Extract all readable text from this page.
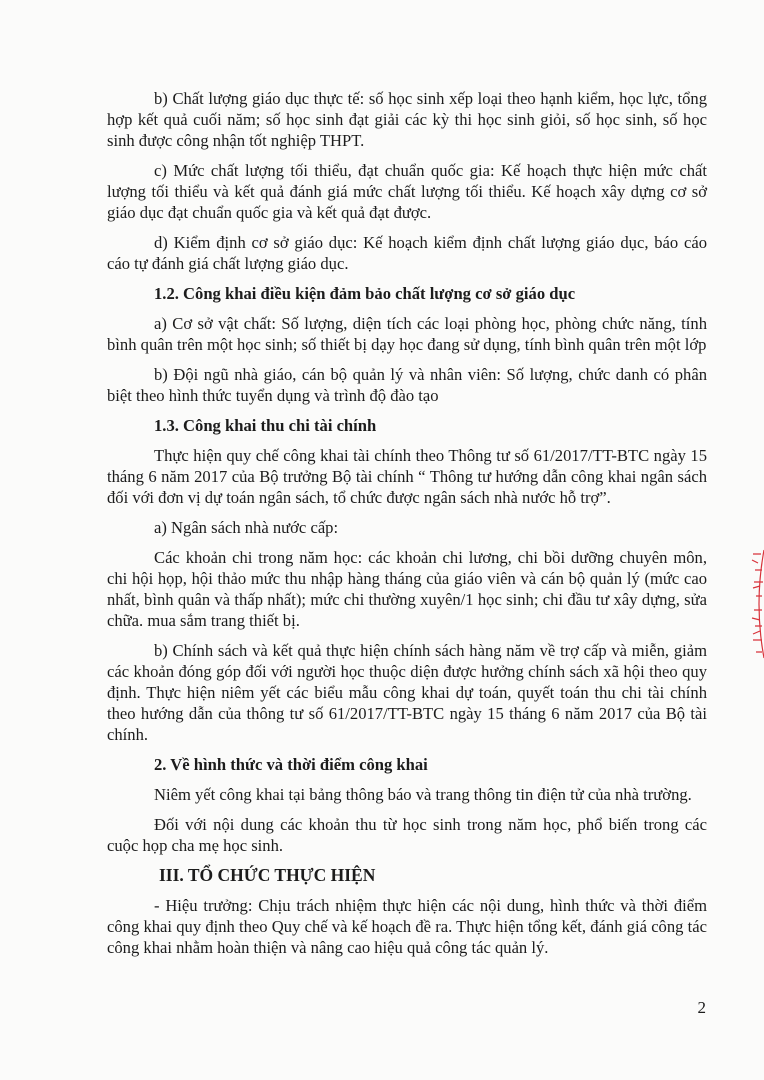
b) Chất lượng giáo dục thực tế: số học sinh xếp loại theo hạnh kiểm, học lực, tổng hợp kết quả cuối năm; số học sinh đạt giải các kỳ thi học sinh giỏi, số học sinh, số học sinh được công nhận tốt nghiệp THPT.

c) Mức chất lượng tối thiểu, đạt chuẩn quốc gia: Kế hoạch thực hiện mức chất lượng tối thiểu và kết quả đánh giá mức chất lượng tối thiểu. Kế hoạch xây dựng cơ sở giáo dục đạt chuẩn quốc gia và kết quả đạt được.

d) Kiểm định cơ sở giáo dục: Kế hoạch kiểm định chất lượng giáo dục, báo cáo cáo tự đánh giá chất lượng giáo dục.

1.2. Công khai điều kiện đảm bảo chất lượng cơ sở giáo dục

a) Cơ sở vật chất: Số lượng, diện tích các loại phòng học, phòng chức năng, tính bình quân trên một học sinh; số thiết bị dạy học đang sử dụng, tính bình quân trên một lớp

b) Đội ngũ nhà giáo, cán bộ quản lý và nhân viên: Số lượng, chức danh có phân biệt theo hình thức tuyển dụng và trình độ đào tạo

1.3. Công khai thu chi tài chính

Thực hiện quy chế công khai tài chính theo Thông tư số 61/2017/TT-BTC ngày 15 tháng 6 năm 2017 của Bộ trưởng Bộ tài chính “ Thông tư hướng dẫn công khai ngân sách đối với đơn vị dự toán ngân sách, tổ chức được ngân sách nhà nước hỗ trợ”.

a) Ngân sách nhà nước cấp:

Các khoản chi trong năm học: các khoản chi lương, chi bồi dưỡng chuyên môn, chi hội họp, hội thảo mức thu nhập hàng tháng của giáo viên và cán bộ quản lý (mức cao nhất, bình quân và thấp nhất); mức chi thường xuyên/1 học sinh; chi đầu tư xây dựng, sửa chữa. mua sắm trang thiết bị.

b) Chính sách và kết quả thực hiện chính sách hàng năm về trợ cấp và miễn, giảm các khoản đóng góp đối với người học thuộc diện được hưởng chính sách xã hội theo quy định. Thực hiện niêm yết các biểu mẫu công khai dự toán, quyết toán thu chi tài chính theo hướng dẫn của thông tư số 61/2017/TT-BTC ngày 15 tháng 6 năm 2017 của Bộ tài chính.

2. Về hình thức và thời điểm công khai

Niêm yết công khai tại bảng thông báo và trang thông tin điện tử của nhà trường.

Đối với nội dung các khoản thu từ học sinh trong năm học, phổ biến trong các cuộc họp cha mẹ học sinh.

III. TỔ CHỨC THỰC HIỆN

- Hiệu trưởng: Chịu trách nhiệm thực hiện các nội dung, hình thức và thời điểm công khai quy định theo Quy chế và kế hoạch đề ra. Thực hiện tổng kết, đánh giá công tác công khai nhằm hoàn thiện và nâng cao hiệu quả công tác quản lý.

2
